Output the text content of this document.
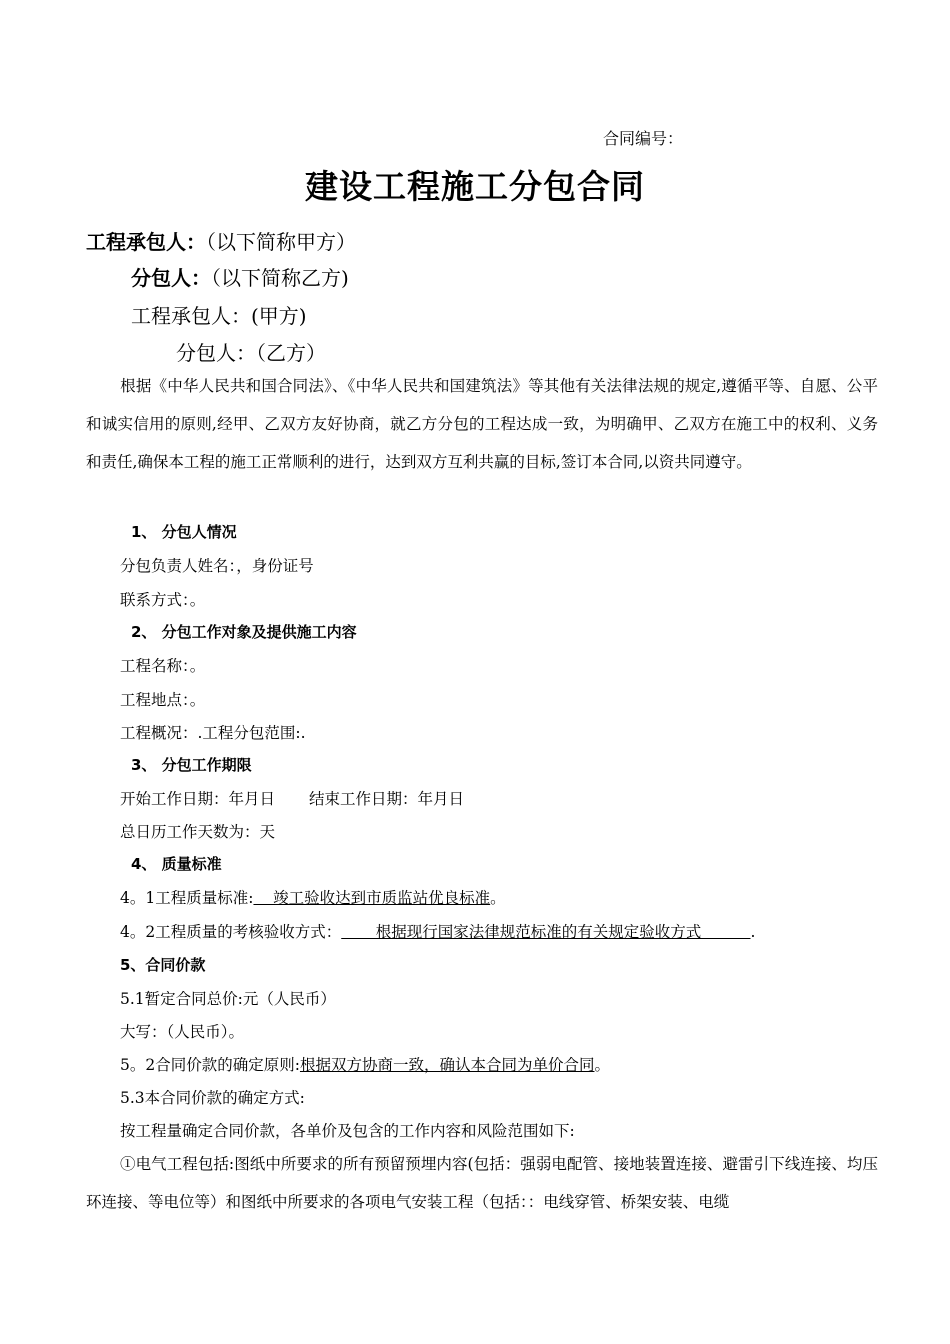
合同编号：
建设工程施工分包合同
工程承包人：（以下简称甲方）
分包人：（以下简称乙方)
工程承包人：(甲方)
分包人：（乙方）
根据《中华人民共和国合同法》、《中华人民共和国建筑法》等其他有关法律法规的规定,遵循平等、自愿、公平和诚实信用的原则,经甲、乙双方友好协商，就乙方分包的工程达成一致，为明确甲、乙双方在施工中的权利、义务和责任,确保本工程的施工正常顺利的进行，达到双方互利共赢的目标,签订本合同,以资共同遵守。
1、 分包人情况
分包负责人姓名：，身份证号
联系方式：。
2、 分包工作对象及提供施工内容
工程名称：。
工程地点：。
工程概况：.工程分包范围:.
3、 分包工作期限
开始工作日期：年月日 结束工作日期：年月日
总日历工作天数为：天
4、 质量标准
4。1工程质量标准:    竣工验收达到市质监站优良标准。
4。2工程质量的考核验收方式：       根据现行国家法律规范标准的有关规定验收方式          .
5、合同价款
5.1暂定合同总价:元（人民币）
大写：（人民币）。
5。2合同价款的确定原则:根据双方协商一致，确认本合同为单价合同。
5.3本合同价款的确定方式:
按工程量确定合同价款，各单价及包含的工作内容和风险范围如下:
①电气工程包括:图纸中所要求的所有预留预埋内容(包括：强弱电配管、接地装置连接、避雷引下线连接、均压环连接、等电位等）和图纸中所要求的各项电气安装工程（包括：：电线穿管、桥架安装、电缆
